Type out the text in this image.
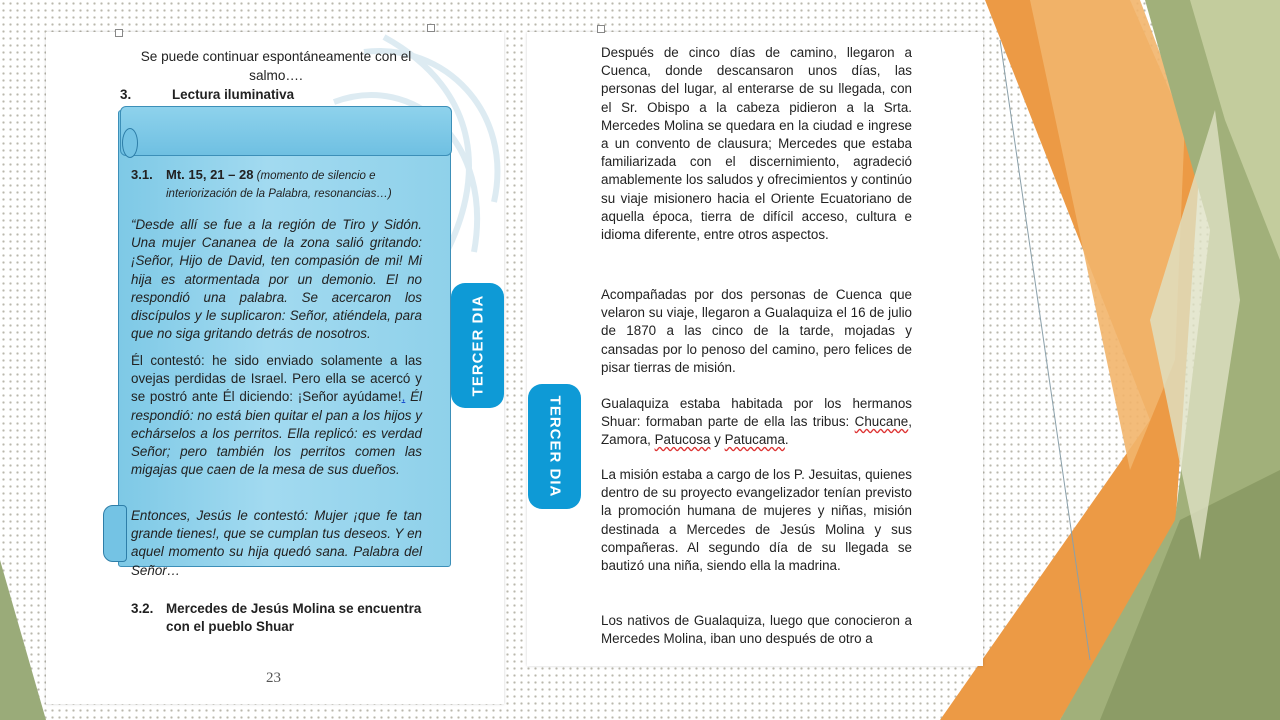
Se puede continuar espontáneamente con el salmo….
3.	Lectura iluminativa
3.1. Mt. 15, 21 – 28 (momento de silencio e interiorización de la Palabra, resonancias…)
“Desde allí se fue a la región de Tiro y Sidón. Una mujer Cananea de la zona salió gritando: ¡Señor, Hijo de David, ten compasión de mi! Mi hija es atormentada por un demonio. El no respondió una palabra. Se acercaron los discípulos y le suplicaron: Señor, atiéndela, para que no siga gritando detrás de nosotros.
Él contestó: he sido enviado solamente a las ovejas perdidas de Israel. Pero ella se acercó y se postró ante Él diciendo: ¡Señor ayúdame!, Él respondió: no está bien quitar el pan a los hijos y echárselos a los perritos. Ella replicó: es verdad Señor; pero también los perritos comen las migajas que caen de la mesa de sus dueños.
Entonces, Jesús le contestó: Mujer ¡que fe tan grande tienes!, que se cumplan tus deseos. Y en aquel momento su hija quedó sana. Palabra del Señor…
3.2. Mercedes de Jesús Molina se encuentra con el pueblo Shuar
23
TERCER DIA
TERCER DIA
Después de cinco días de camino, llegaron a Cuenca, donde descansaron unos días, las personas del lugar, al enterarse de su llegada, con el Sr. Obispo a la cabeza pidieron a la Srta. Mercedes Molina se quedara en la ciudad e ingrese a un convento de clausura; Mercedes que estaba familiarizada con el discernimiento, agradeció amablemente los saludos y ofrecimientos y continúo su viaje misionero hacia el Oriente Ecuatoriano de aquella época, tierra de difícil acceso, cultura e idioma diferente, entre otros aspectos.
Acompañadas por dos personas de Cuenca que velaron su viaje, llegaron a Gualaquiza el 16 de julio de 1870 a las cinco de la tarde, mojadas y cansadas por lo penoso del camino, pero felices de pisar tierras de misión.
Gualaquiza estaba habitada por los hermanos Shuar: formaban parte de ella las tribus: Chucane, Zamora, Patucosa y Patucama.
La misión estaba a cargo de los P. Jesuitas, quienes dentro de su proyecto evangelizador tenían previsto la promoción humana de mujeres y niñas, misión destinada a Mercedes de Jesús Molina y sus compañeras. Al segundo día de su llegada se bautizó una niña, siendo ella la madrina.
Los nativos de Gualaquiza, luego que conocieron a Mercedes Molina, iban uno después de otro a
